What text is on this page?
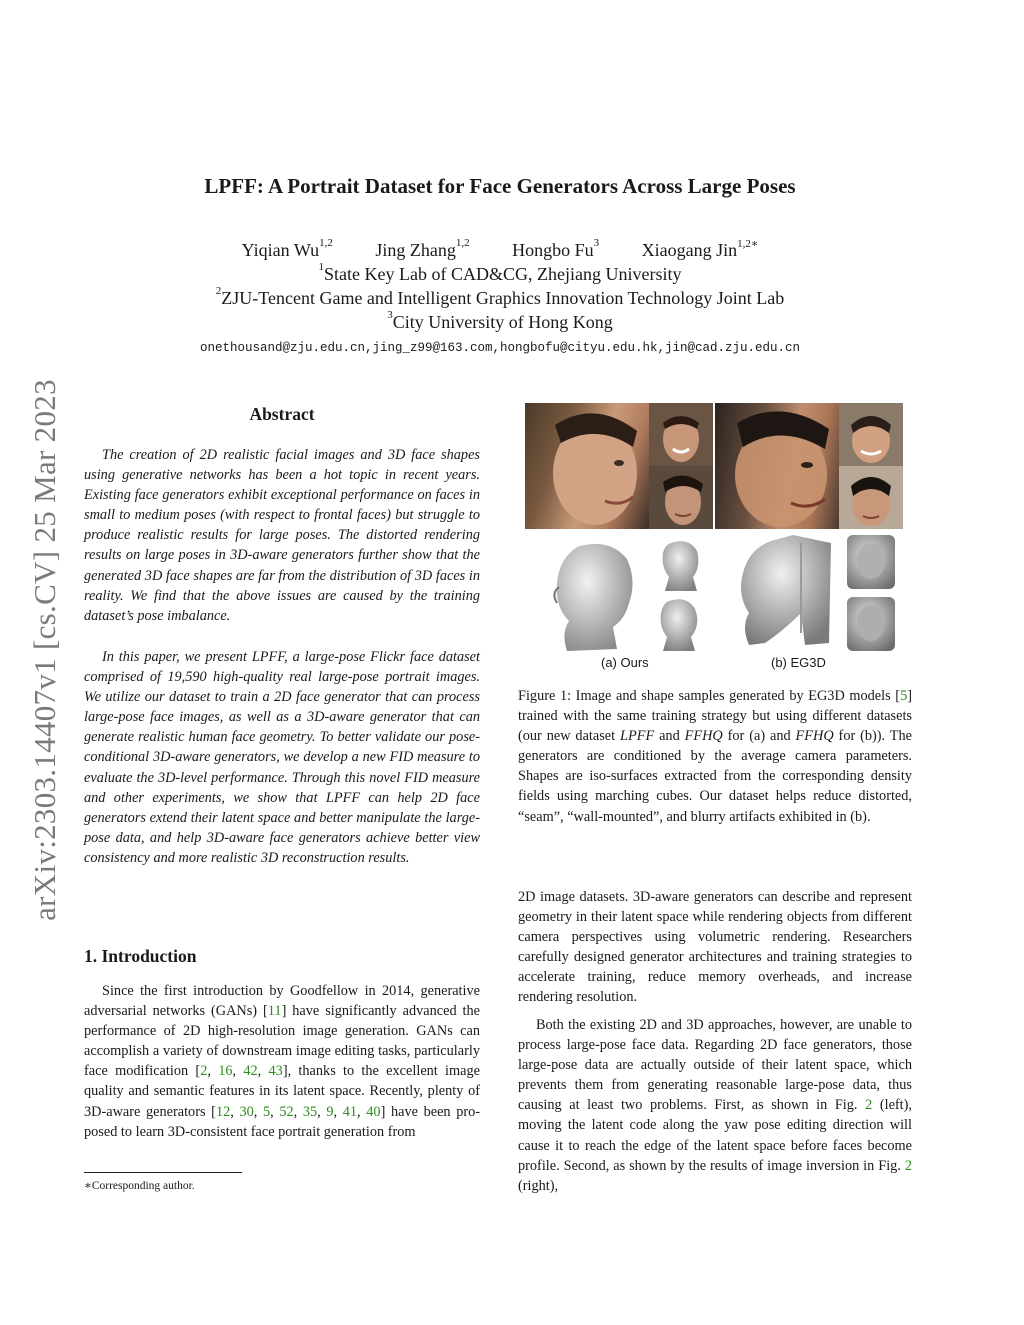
arXiv:2303.14407v1 [cs.CV] 25 Mar 2023
LPFF: A Portrait Dataset for Face Generators Across Large Poses
Yiqian Wu$^{1,2}$ Jing Zhang$^{1,2}$ Hongbo Fu$^3$ Xiaogang Jin$^{1,2∗}$
$^1$State Key Lab of CAD&CG, Zhejiang University
$^2$ZJU-Tencent Game and Intelligent Graphics Innovation Technology Joint Lab
$^3$City University of Hong Kong
onethousand@zju.edu.cn,jing_z99@163.com,hongbofu@cityu.edu.hk,jin@cad.zju.edu.cn
Abstract
The creation of 2D realistic facial images and 3D face shapes using generative networks has been a hot topic in recent years. Existing face generators exhibit exceptional performance on faces in small to medium poses (with respect to frontal faces) but struggle to produce realistic results for large poses. The distorted rendering results on large poses in 3D-aware generators further show that the generated 3D face shapes are far from the distribution of 3D faces in reality. We find that the above issues are caused by the training dataset’s pose imbalance.
In this paper, we present LPFF, a large-pose Flickr face dataset comprised of 19,590 high-quality real large-pose portrait images. We utilize our dataset to train a 2D face generator that can process large-pose face images, as well as a 3D-aware generator that can generate realistic human face geometry. To better validate our pose-conditional 3D-aware generators, we develop a new FID measure to evaluate the 3D-level performance. Through this novel FID measure and other experiments, we show that LPFF can help 2D face generators extend their latent space and better manipulate the large-pose data, and help 3D-aware face generators achieve better view consistency and more realistic 3D reconstruction results.
1. Introduction
Since the first introduction by Goodfellow in 2014, generative adversarial networks (GANs) [11] have significantly advanced the performance of 2D high-resolution image generation. GANs can accomplish a variety of downstream image editing tasks, particularly face modification [2, 16, 42, 43], thanks to the excellent image quality and semantic features in its latent space. Recently, plenty of 3D-aware generators [12, 30, 5, 52, 35, 9, 41, 40] have been proposed to learn 3D-consistent face portrait generation from
∗Corresponding author.
(a) Ours	(b) EG3D
Figure 1: Image and shape samples generated by EG3D models [5] trained with the same training strategy but using different datasets (our new dataset LPFF and FFHQ for (a) and FFHQ for (b)). The generators are conditioned by the average camera parameters. Shapes are iso-surfaces extracted from the corresponding density fields using marching cubes. Our dataset helps reduce distorted, “seam”, “wall-mounted”, and blurry artifacts exhibited in (b).
2D image datasets. 3D-aware generators can describe and represent geometry in their latent space while rendering objects from different camera perspectives using volumetric rendering. Researchers carefully designed generator architectures and training strategies to accelerate training, reduce memory overheads, and increase rendering resolution.
Both the existing 2D and 3D approaches, however, are unable to process large-pose face data. Regarding 2D face generators, those large-pose data are actually outside of their latent space, which prevents them from generating reasonable large-pose data, thus causing at least two problems. First, as shown in Fig. 2 (left), moving the latent code along the yaw pose editing direction will cause it to reach the edge of the latent space before faces become profile. Second, as shown by the results of image inversion in Fig. 2 (right),
